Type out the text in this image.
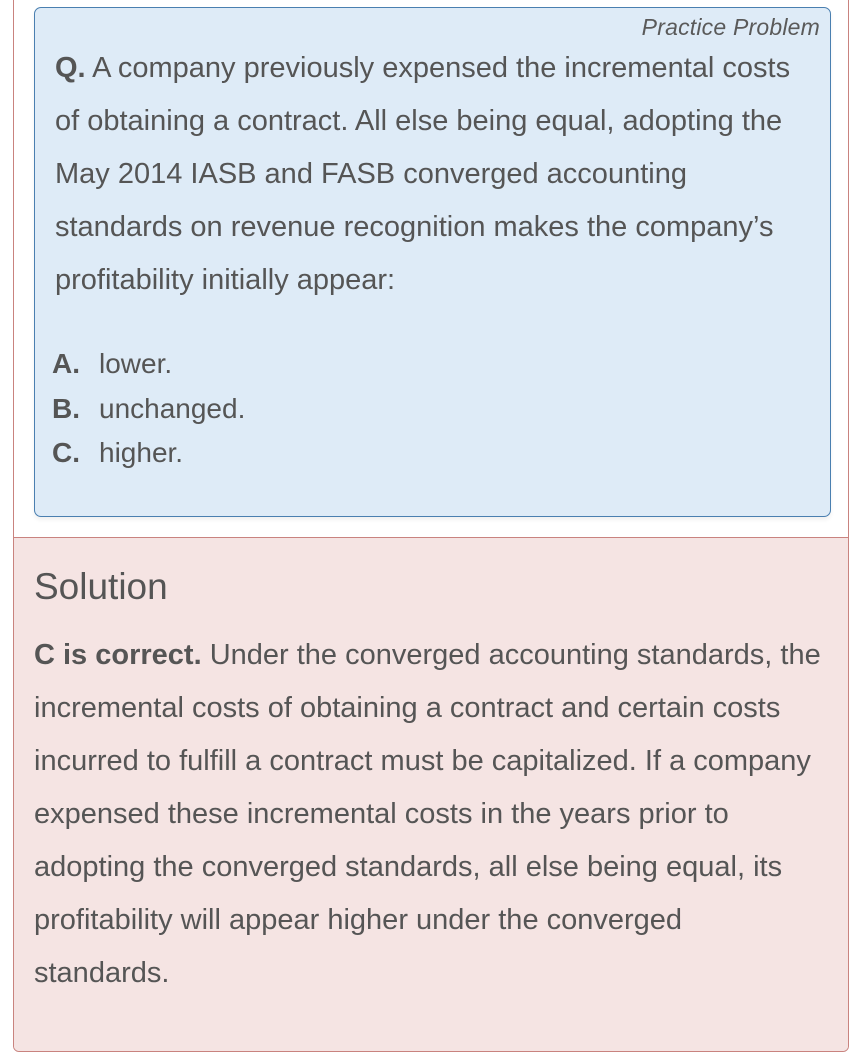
Practice Problem
Q. A company previously expensed the incremental costs of obtaining a contract. All else being equal, adopting the May 2014 IASB and FASB converged accounting standards on revenue recognition makes the company’s profitability initially appear:
A. lower.
B. unchanged.
C. higher.
Solution
C is correct. Under the converged accounting standards, the incremental costs of obtaining a contract and certain costs incurred to fulfill a contract must be capitalized. If a company expensed these incremental costs in the years prior to adopting the converged standards, all else being equal, its profitability will appear higher under the converged standards.
